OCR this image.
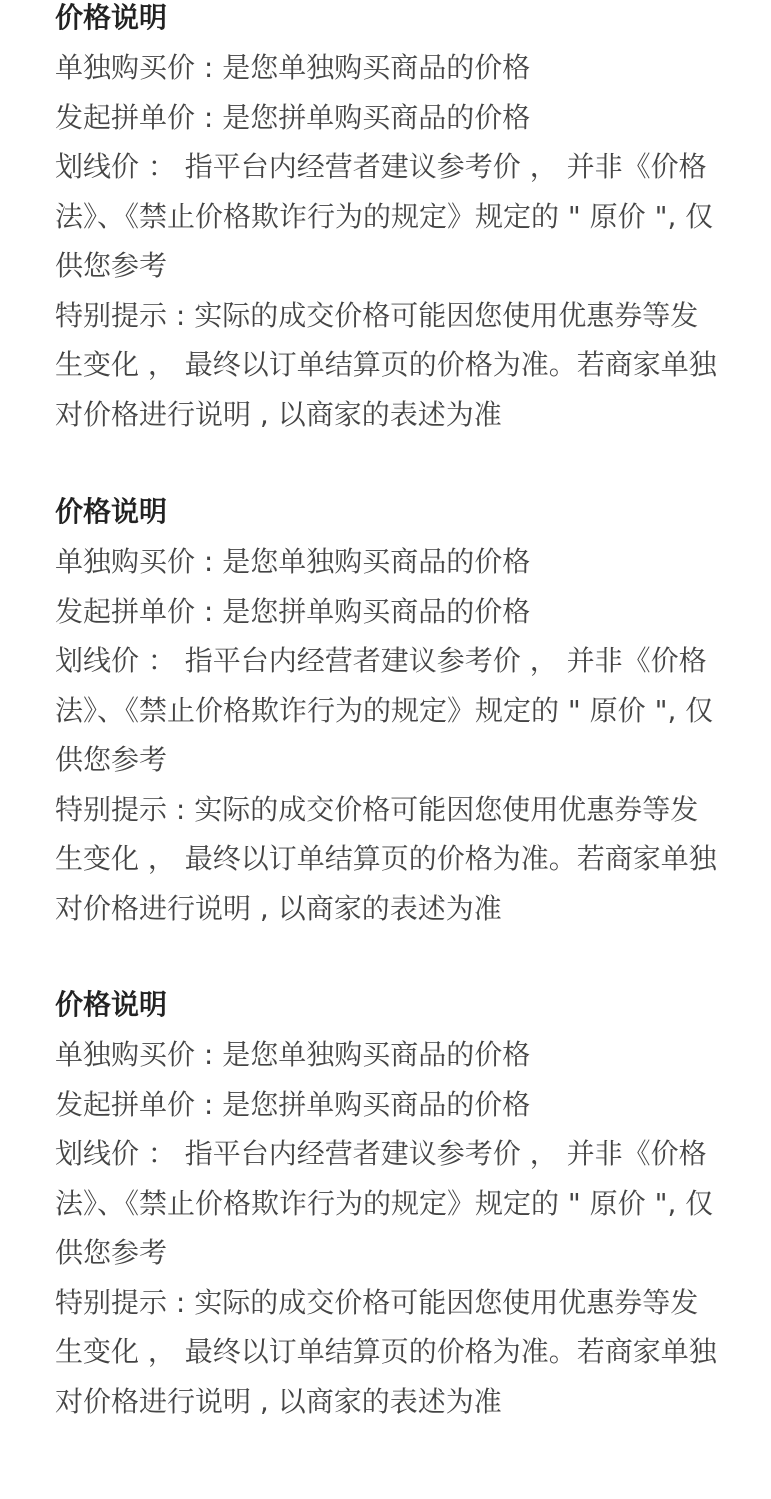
价格说明
单独购买价 : 是您单独购买商品的价格
发起拼单价 : 是您拼单购买商品的价格
划线价 ： 指平台内经营者建议参考价 ， 并非《价格
法》、《禁止价格欺诈行为的规定》规定的 " 原价 ", 仅
供您参考
特别提示 : 实际的成交价格可能因您使用优惠券等发
生变化 ， 最终以订单结算页的价格为准。若商家单独
对价格进行说明 , 以商家的表述为准
价格说明
单独购买价 : 是您单独购买商品的价格
发起拼单价 : 是您拼单购买商品的价格
划线价 ： 指平台内经营者建议参考价 ， 并非《价格
法》、《禁止价格欺诈行为的规定》规定的 " 原价 ", 仅
供您参考
特别提示 : 实际的成交价格可能因您使用优惠券等发
生变化 ， 最终以订单结算页的价格为准。若商家单独
对价格进行说明 , 以商家的表述为准
价格说明
单独购买价 : 是您单独购买商品的价格
发起拼单价 : 是您拼单购买商品的价格
划线价 ： 指平台内经营者建议参考价 ， 并非《价格
法》、《禁止价格欺诈行为的规定》规定的 " 原价 ", 仅
供您参考
特别提示 : 实际的成交价格可能因您使用优惠券等发
生变化 ， 最终以订单结算页的价格为准。若商家单独
对价格进行说明 , 以商家的表述为准
